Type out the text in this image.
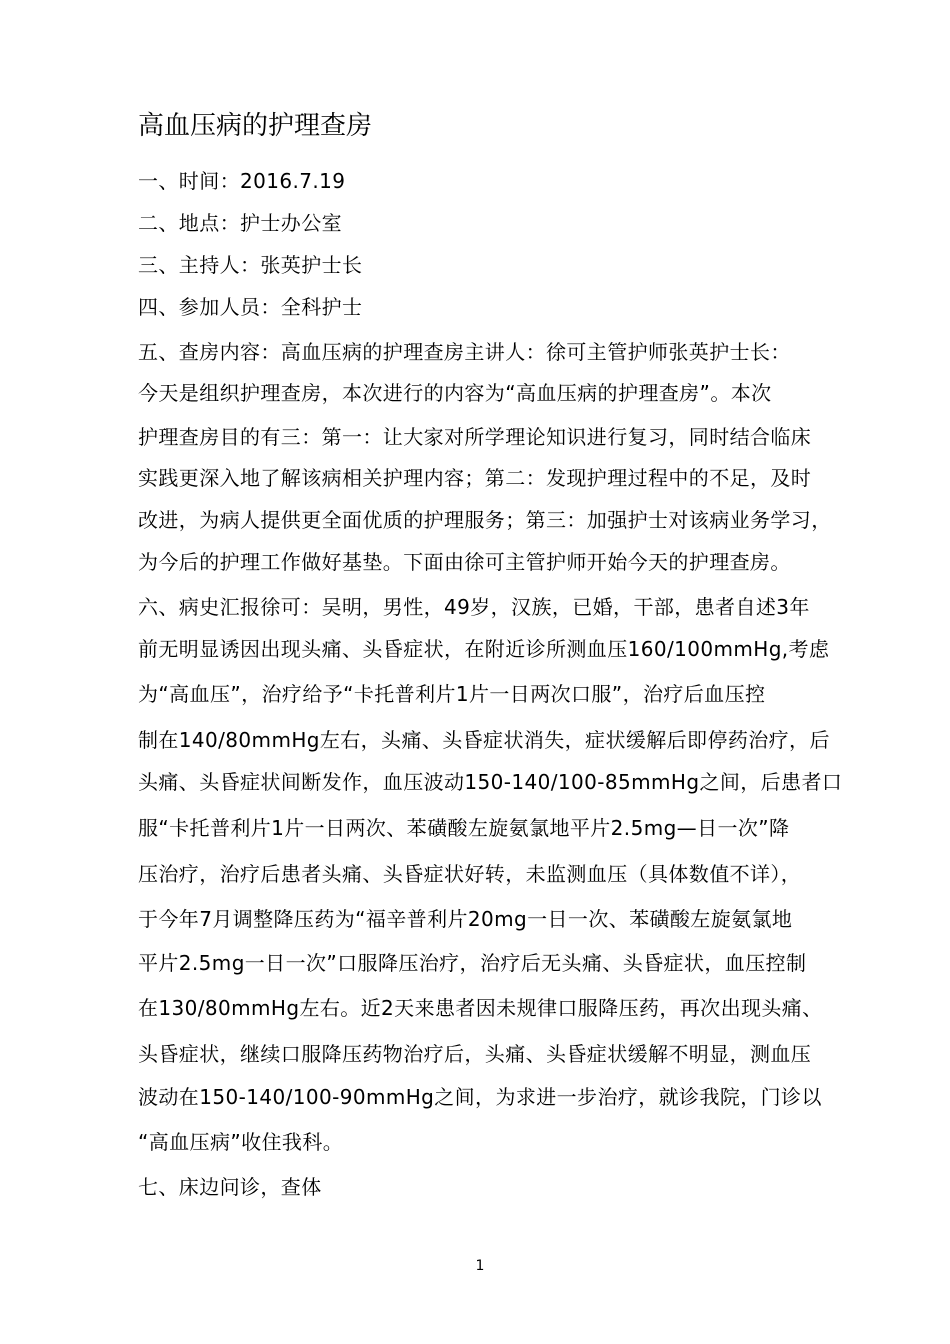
高血压病的护理查房
一、时间：2016.7.19
二、地点：护士办公室
三、主持人：张英护士长
四、参加人员：全科护士
五、查房内容：高血压病的护理查房主讲人：徐可主管护师张英护士长：
今天是组织护理查房，本次进行的内容为“高血压病的护理查房”。本次
护理查房目的有三：第一：让大家对所学理论知识进行复习，同时结合临床
实践更深入地了解该病相关护理内容；第二：发现护理过程中的不足，及时
改进，为病人提供更全面优质的护理服务；第三：加强护士对该病业务学习，
为今后的护理工作做好基垫。下面由徐可主管护师开始今天的护理查房。
六、病史汇报徐可：吴明，男性，49岁，汉族，已婚，干部，患者自述3年
前无明显诱因出现头痛、头昏症状，在附近诊所测血压160/100mmHg,考虑
为“高血压”，治疗给予“卡托普利片1片一日两次口服”，治疗后血压控
制在140/80mmHg左右，头痛、头昏症状消失，症状缓解后即停药治疗，后
头痛、头昏症状间断发作，血压波动150-140/100-85mmHg之间，后患者口
服“卡托普利片1片一日两次、苯磺酸左旋氨氯地平片2.5mg—日一次”降
压治疗，治疗后患者头痛、头昏症状好转，未监测血压（具体数值不详），
于今年7月调整降压药为“福辛普利片20mg一日一次、苯磺酸左旋氨氯地
平片2.5mg一日一次”口服降压治疗，治疗后无头痛、头昏症状，血压控制
在130/80mmHg左右。近2天来患者因未规律口服降压药，再次出现头痛、
头昏症状，继续口服降压药物治疗后，头痛、头昏症状缓解不明显，测血压
波动在150-140/100-90mmHg之间，为求进一步治疗，就诊我院，门诊以
“高血压病”收住我科。
七、床边问诊，查体
1
